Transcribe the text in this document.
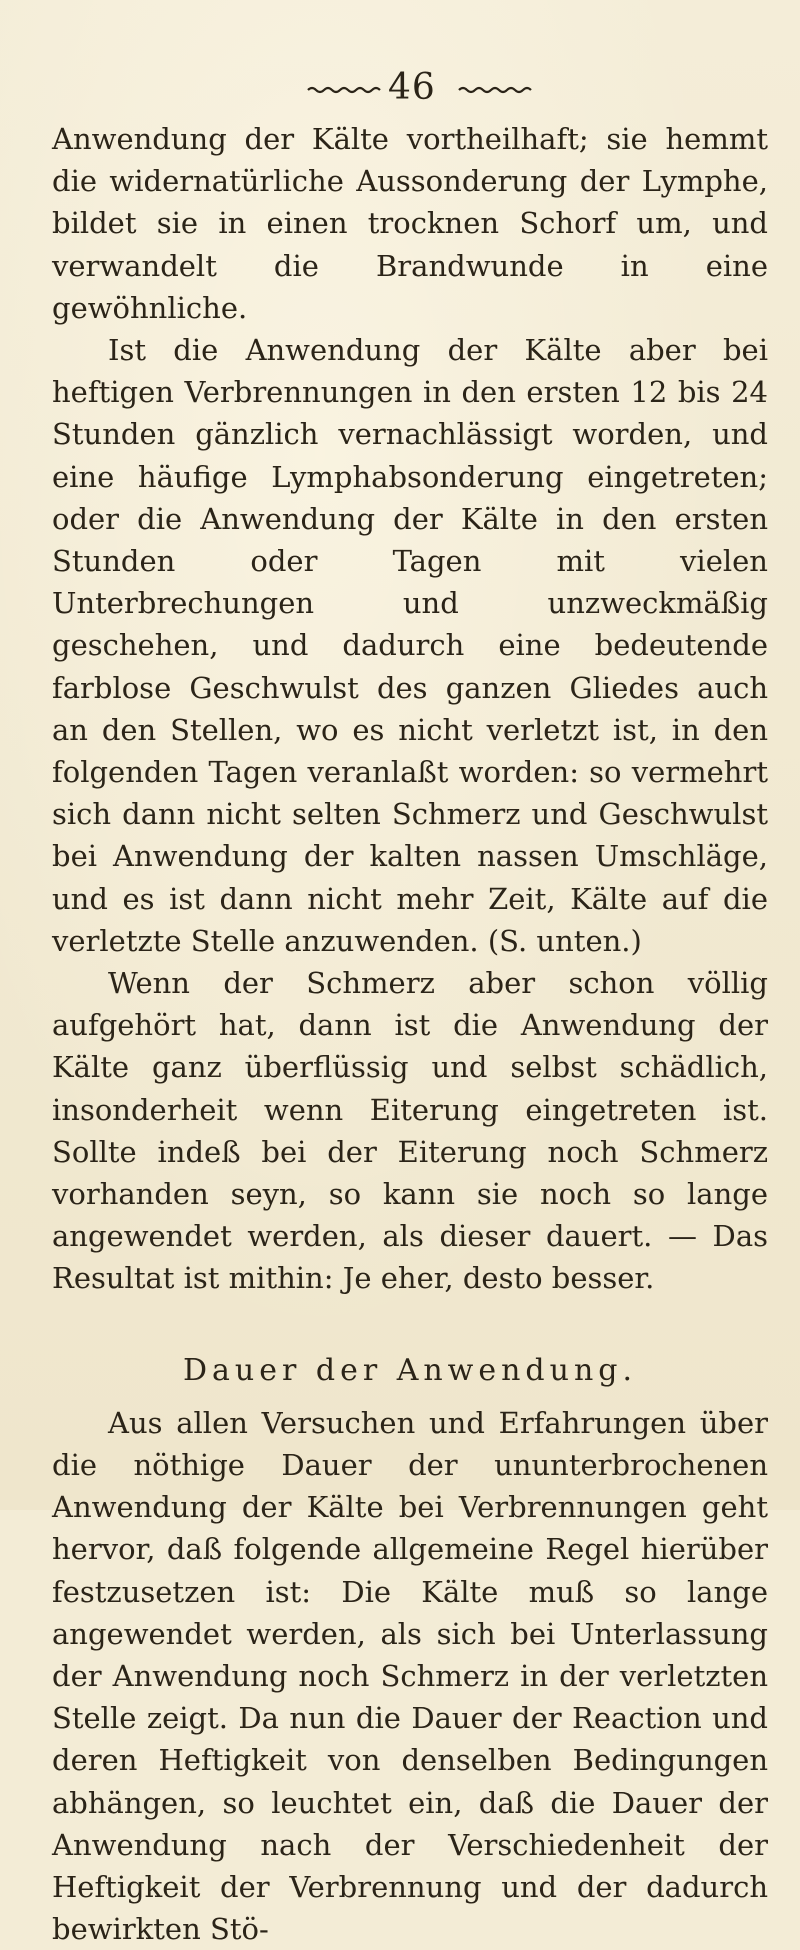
46

Anwendung der Kälte vortheilhaft; sie hemmt die widernatürliche Aussonderung der Lymphe, bildet sie in einen trocknen Schorf um, und verwandelt die Brandwunde in eine gewöhnliche.

Ist die Anwendung der Kälte aber bei heftigen Verbrennungen in den ersten 12 bis 24 Stunden gänzlich vernachlässigt worden, und eine häufige Lymphabsonderung eingetreten; oder die Anwendung der Kälte in den ersten Stunden oder Tagen mit vielen Unterbrechungen und unzweckmäßig geschehen, und dadurch eine bedeutende farblose Geschwulst des ganzen Gliedes auch an den Stellen, wo es nicht verletzt ist, in den folgenden Tagen veranlaßt worden: so vermehrt sich dann nicht selten Schmerz und Geschwulst bei Anwendung der kalten nassen Umschläge, und es ist dann nicht mehr Zeit, Kälte auf die verletzte Stelle anzuwenden. (S. unten.)

Wenn der Schmerz aber schon völlig aufgehört hat, dann ist die Anwendung der Kälte ganz überflüssig und selbst schädlich, insonderheit wenn Eiterung eingetreten ist. Sollte indeß bei der Eiterung noch Schmerz vorhanden seyn, so kann sie noch so lange angewendet werden, als dieser dauert. — Das Resultat ist mithin: Je eher, desto besser.

Dauer der Anwendung.

Aus allen Versuchen und Erfahrungen über die nöthige Dauer der ununterbrochenen Anwendung der Kälte bei Verbrennungen geht hervor, daß folgende allgemeine Regel hierüber festzusetzen ist: Die Kälte muß so lange angewendet werden, als sich bei Unterlassung der Anwendung noch Schmerz in der verletzten Stelle zeigt. Da nun die Dauer der Reaction und deren Heftigkeit von denselben Bedingungen abhängen, so leuchtet ein, daß die Dauer der Anwendung nach der Verschiedenheit der Heftigkeit der Verbrennung und der dadurch bewirkten Stö-
